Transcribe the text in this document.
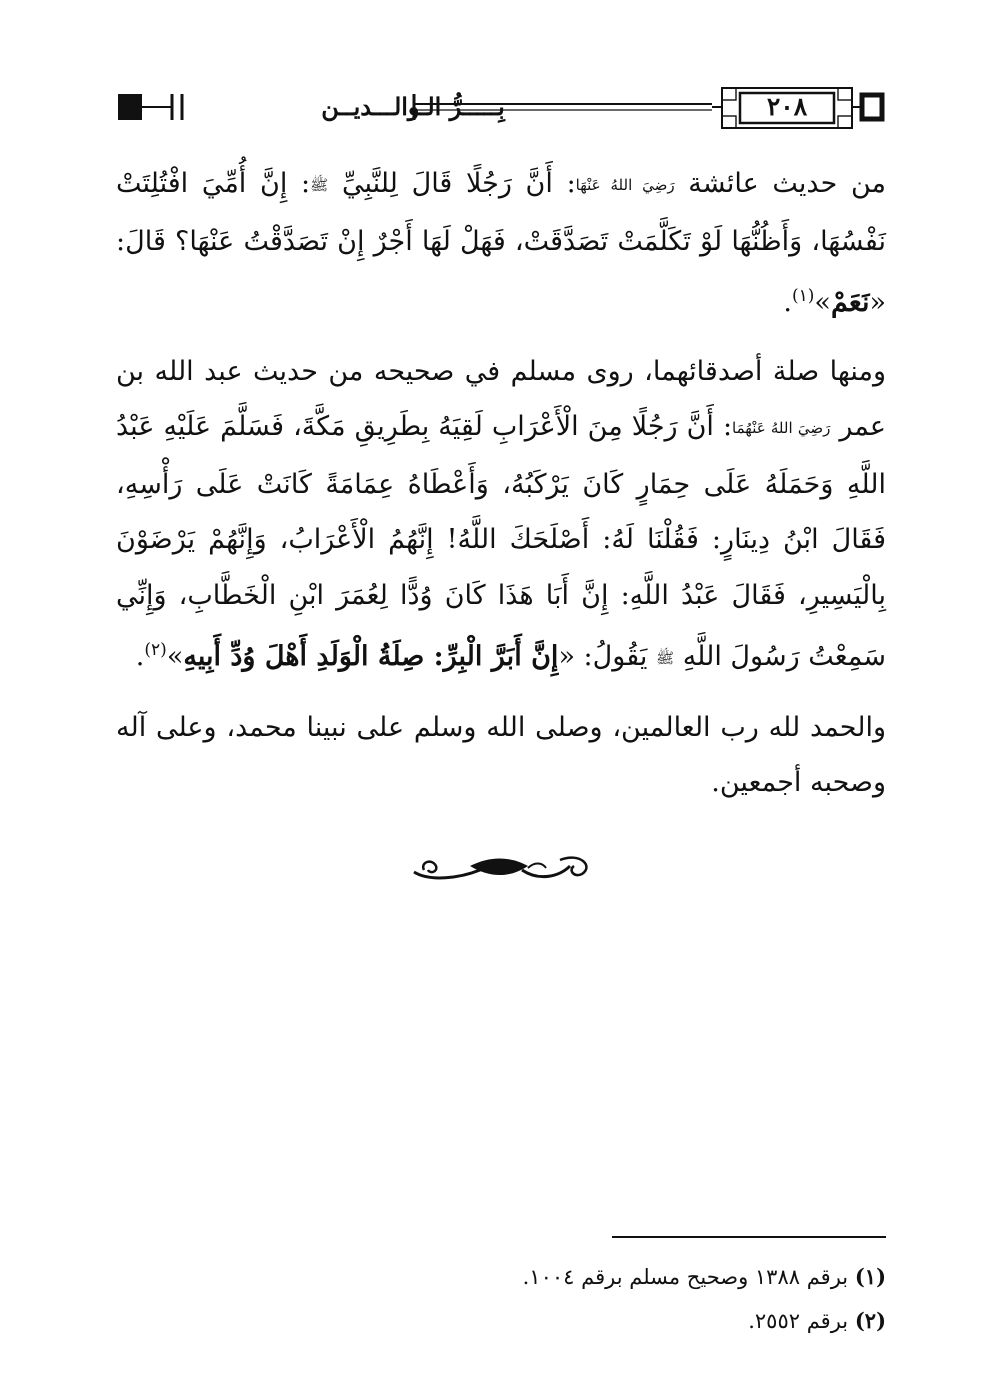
٢٠٨
بِـــــرُّ الـوالـــديــن

من حديث عائشة رَضِيَ اللهُ عَنْهَا: أَنَّ رَجُلًا قَالَ لِلنَّبِيِّ ﷺ: إِنَّ أُمِّيَ افْتُلِتَتْ نَفْسُهَا، وَأَظُنُّهَا لَوْ تَكَلَّمَتْ تَصَدَّقَتْ، فَهَلْ لَهَا أَجْرٌ إِنْ تَصَدَّقْتُ عَنْهَا؟ قَالَ: «نَعَمْ»$^{(١)}$.

ومنها صلة أصدقائهما، روى مسلم في صحيحه من حديث عبد الله بن عمر رَضِيَ اللهُ عَنْهُمَا: أَنَّ رَجُلًا مِنَ الْأَعْرَابِ لَقِيَهُ بِطَرِيقِ مَكَّةَ، فَسَلَّمَ عَلَيْهِ عَبْدُ اللَّهِ وَحَمَلَهُ عَلَى حِمَارٍ كَانَ يَرْكَبُهُ، وَأَعْطَاهُ عِمَامَةً كَانَتْ عَلَى رَأْسِهِ، فَقَالَ ابْنُ دِينَارٍ: فَقُلْنَا لَهُ: أَصْلَحَكَ اللَّهُ! إِنَّهُمُ الْأَعْرَابُ، وَإِنَّهُمْ يَرْضَوْنَ بِالْيَسِيرِ، فَقَالَ عَبْدُ اللَّهِ: إِنَّ أَبَا هَذَا كَانَ وُدًّا لِعُمَرَ ابْنِ الْخَطَّابِ، وَإِنِّي سَمِعْتُ رَسُولَ اللَّهِ ﷺ يَقُولُ: «إِنَّ أَبَرَّ الْبِرِّ: صِلَةُ الْوَلَدِ أَهْلَ وُدِّ أَبِيهِ»$^{(٢)}$.

والحمد لله رب العالمين، وصلى الله وسلم على نبينا محمد، وعلى آله وصحبه أجمعين.

(١) برقم ١٣٨٨ وصحيح مسلم برقم ١٠٠٤.
(٢) برقم ٢٥٥٢.
